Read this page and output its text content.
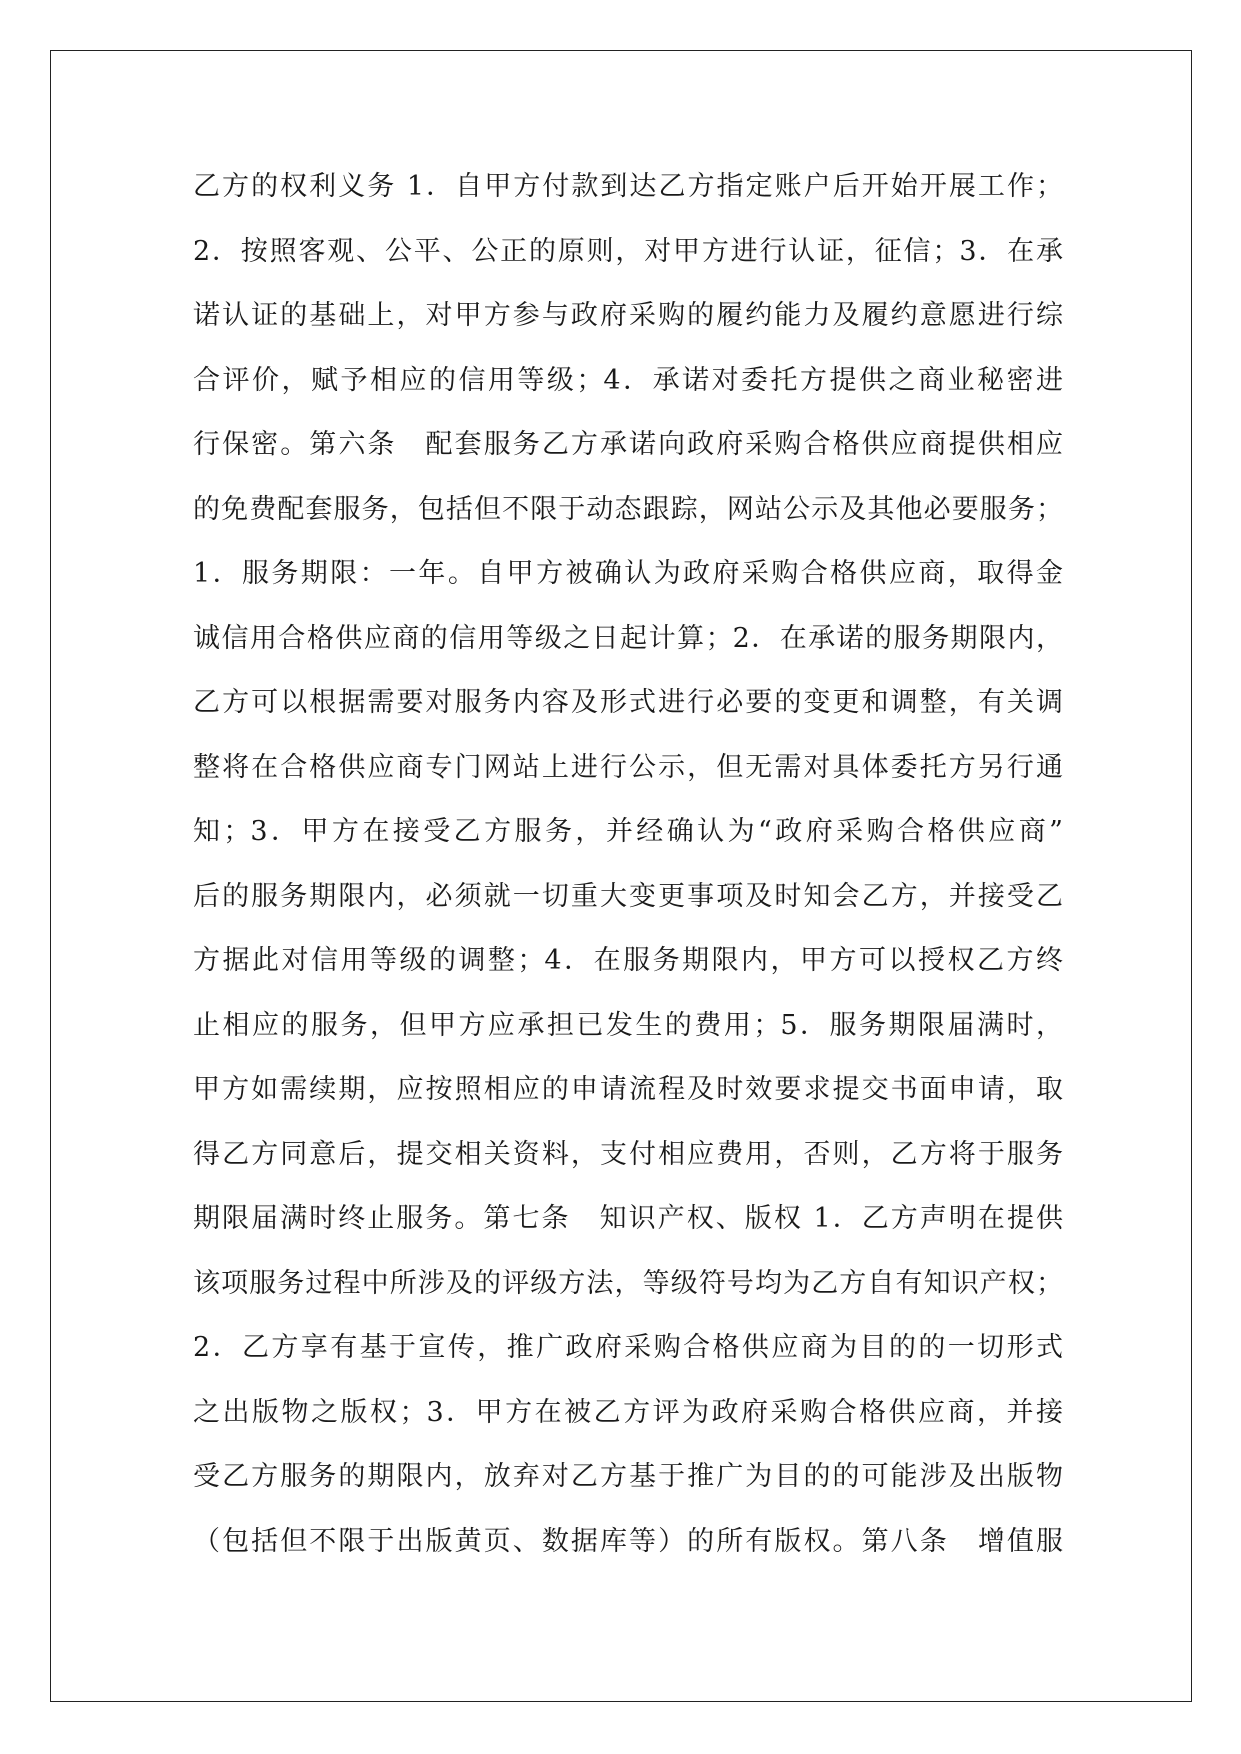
乙方的权利义务 1．自甲方付款到达乙方指定账户后开始开展工作；
2．按照客观、公平、公正的原则，对甲方进行认证，征信；3．在承
诺认证的基础上，对甲方参与政府采购的履约能力及履约意愿进行综
合评价，赋予相应的信用等级；4．承诺对委托方提供之商业秘密进
行保密。第六条　配套服务乙方承诺向政府采购合格供应商提供相应
的免费配套服务，包括但不限于动态跟踪，网站公示及其他必要服务；
1．服务期限：一年。自甲方被确认为政府采购合格供应商，取得金
诚信用合格供应商的信用等级之日起计算；2．在承诺的服务期限内，
乙方可以根据需要对服务内容及形式进行必要的变更和调整，有关调
整将在合格供应商专门网站上进行公示，但无需对具体委托方另行通
知；3．甲方在接受乙方服务，并经确认为“政府采购合格供应商”
后的服务期限内，必须就一切重大变更事项及时知会乙方，并接受乙
方据此对信用等级的调整；4．在服务期限内，甲方可以授权乙方终
止相应的服务，但甲方应承担已发生的费用；5．服务期限届满时，
甲方如需续期，应按照相应的申请流程及时效要求提交书面申请，取
得乙方同意后，提交相关资料，支付相应费用，否则，乙方将于服务
期限届满时终止服务。第七条　知识产权、版权 1．乙方声明在提供
该项服务过程中所涉及的评级方法，等级符号均为乙方自有知识产权；
2．乙方享有基于宣传，推广政府采购合格供应商为目的的一切形式
之出版物之版权；3．甲方在被乙方评为政府采购合格供应商，并接
受乙方服务的期限内，放弃对乙方基于推广为目的的可能涉及出版物
（包括但不限于出版黄页、数据库等）的所有版权。第八条　增值服
